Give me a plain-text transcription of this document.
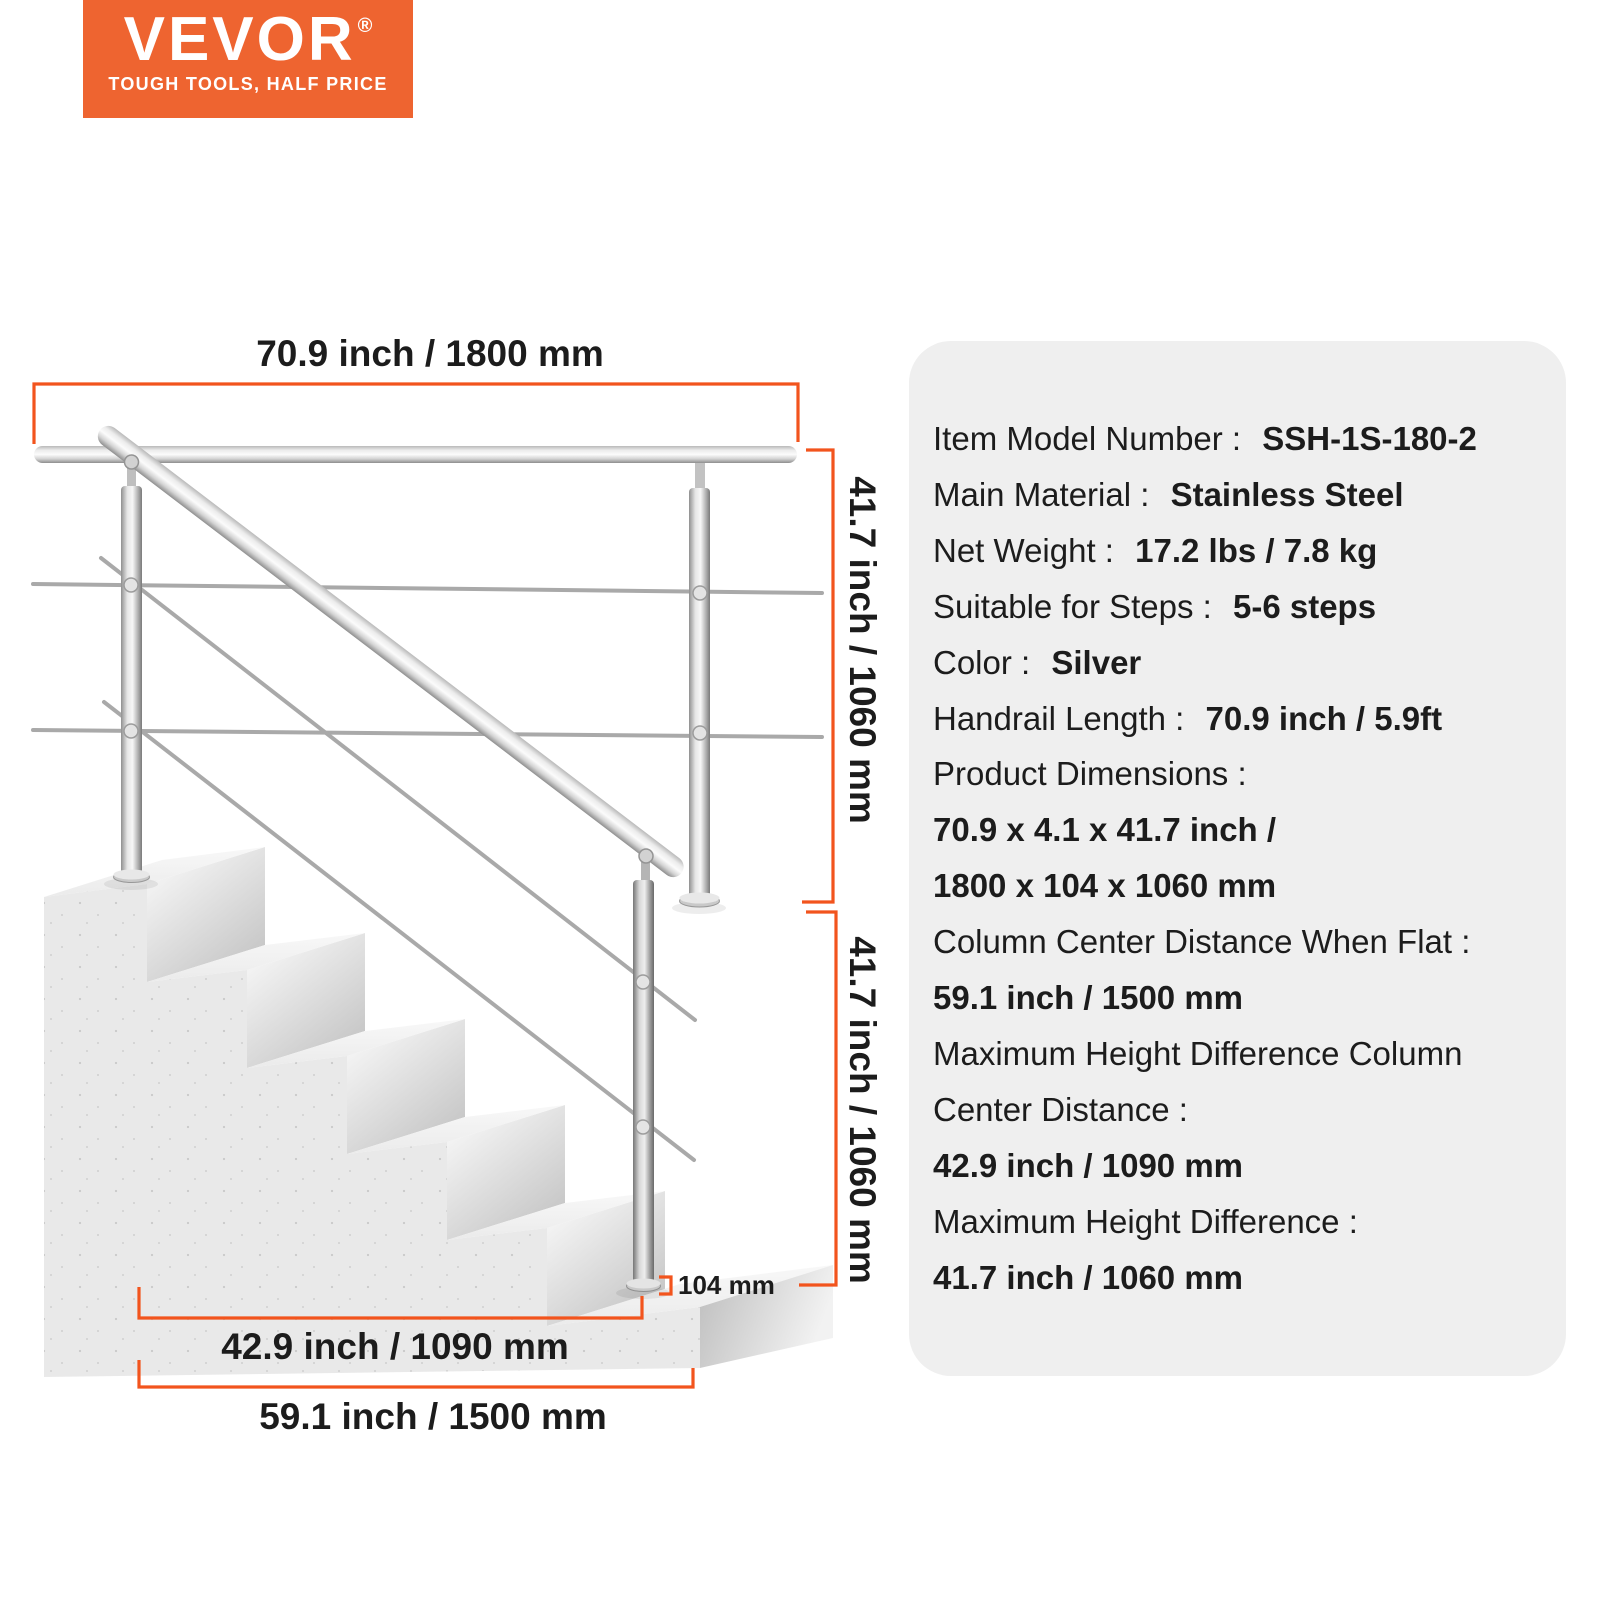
VEVOR ®
TOUGH TOOLS, HALF PRICE
70.9 inch / 1800 mm
41.7 inch / 1060 mm
41.7 inch / 1060 mm
42.9 inch / 1090 mm
59.1 inch / 1500 mm
104 mm
Item Model Number : SSH-1S-180-2
Main Material : Stainless Steel
Net Weight : 17.2 lbs / 7.8 kg
Suitable for Steps : 5-6 steps
Color : Silver
Handrail Length : 70.9 inch / 5.9ft
Product Dimensions :
70.9 x 4.1 x 41.7 inch /
1800 x 104 x 1060 mm
Column Center Distance When Flat :
59.1 inch / 1500 mm
Maximum Height Difference Column
Center Distance :
42.9 inch / 1090 mm
Maximum Height Difference :
41.7 inch / 1060 mm
